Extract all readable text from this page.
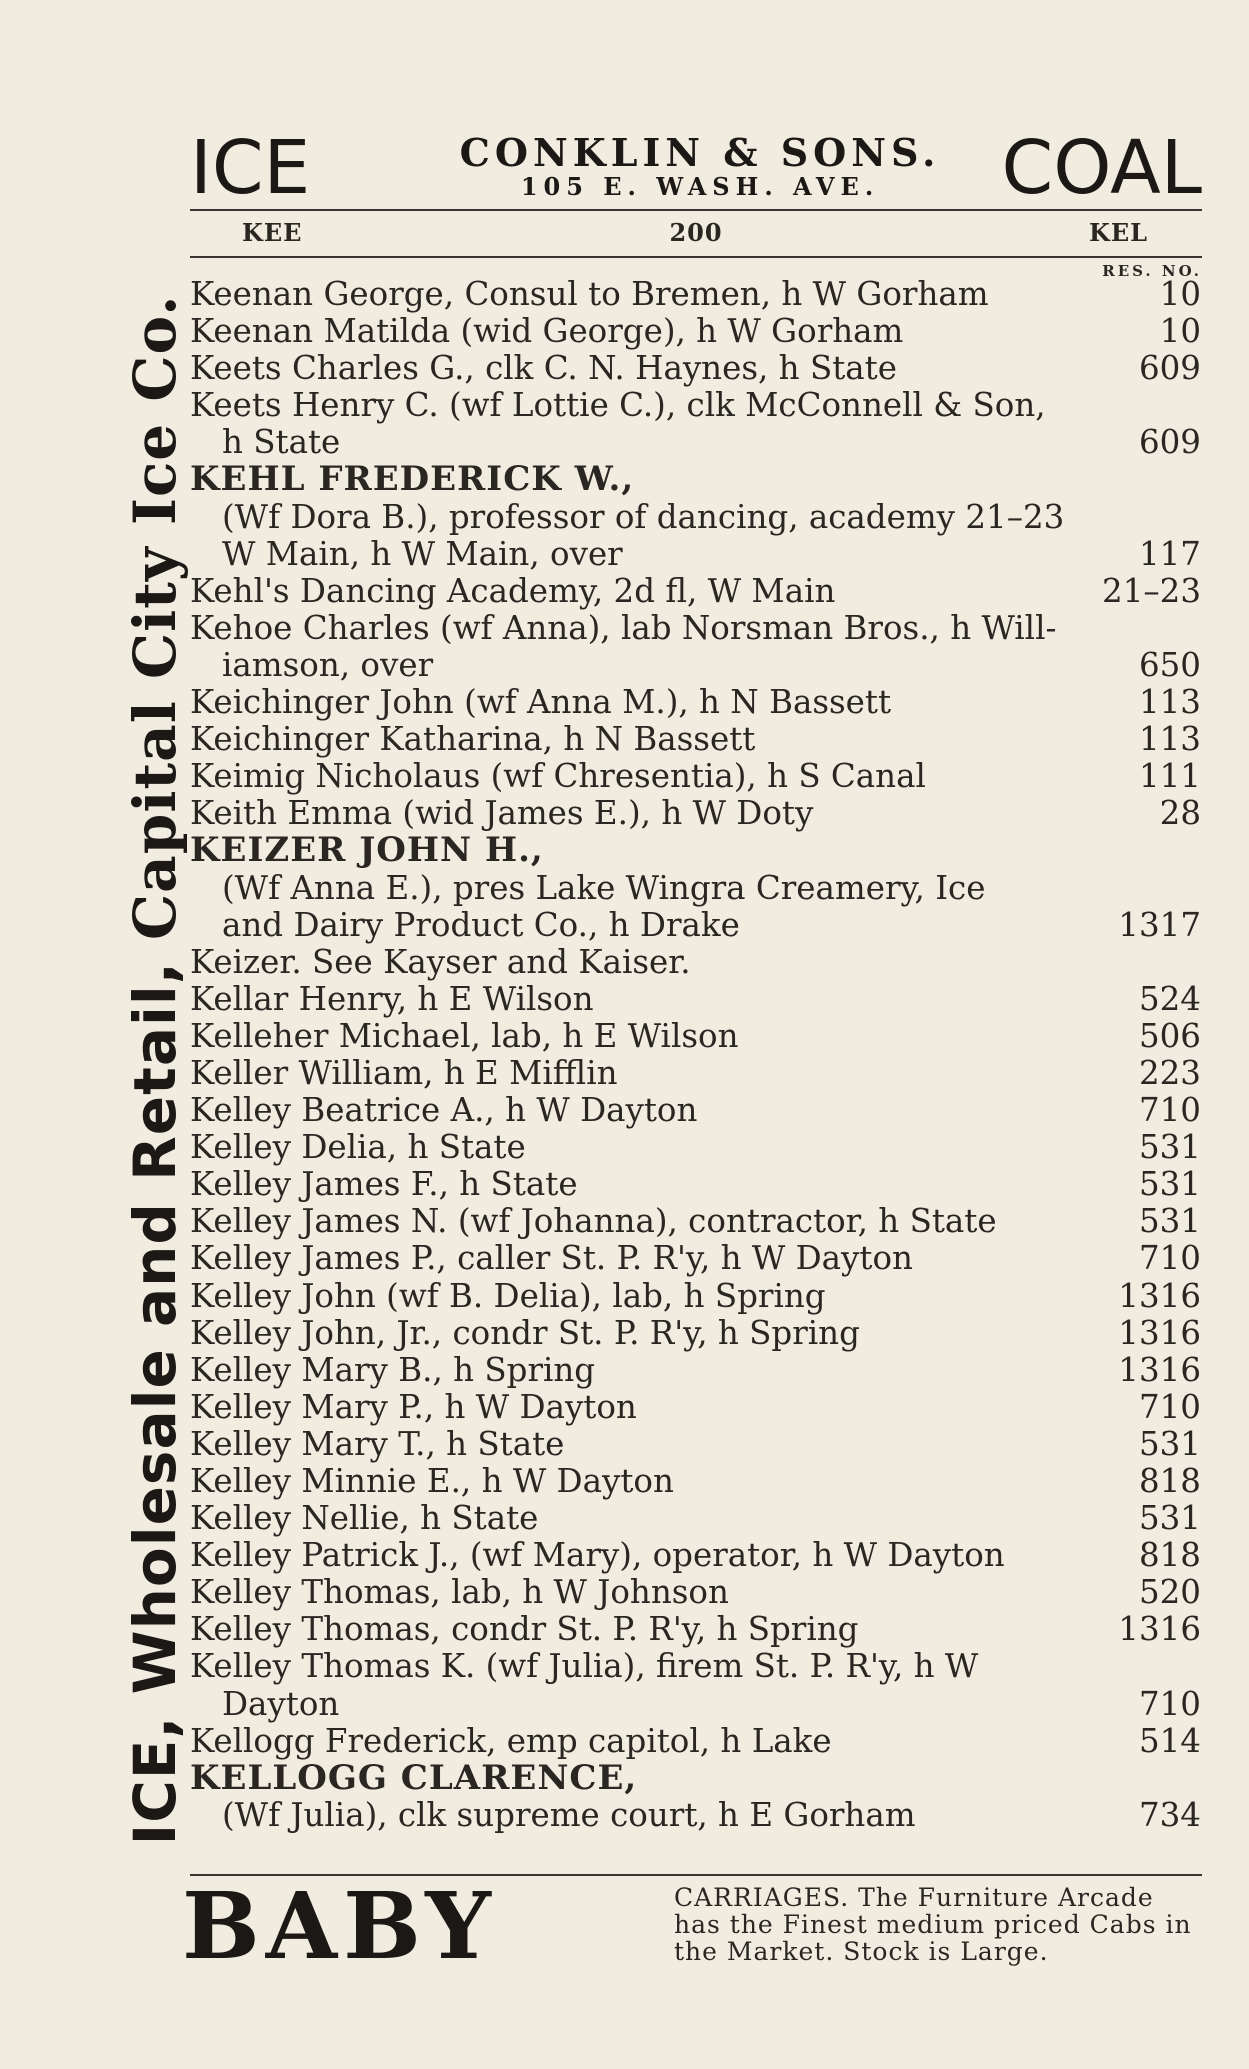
ICE, Wholesale and Retail,

Capital City Ice Co.
ICE	CONKLIN & SONS.
105 E. WASH. AVE.	COAL
KEE	200	KEL
RES. NO.
Keenan George, Consul to Bremen, h W Gorham	10
Keenan Matilda (wid George), h W Gorham	10
Keets Charles G., clk C. N. Haynes, h State	609
Keets Henry C. (wf Lottie C.), clk McConnell & Son,
h State	609
KEHL FREDERICK W.,
(Wf Dora B.), professor of dancing, academy 21–23
W Main, h W Main, over	117
Kehl's Dancing Academy, 2d fl, W Main	21–23
Kehoe Charles (wf Anna), lab Norsman Bros., h Will-
iamson, over	650
Keichinger John (wf Anna M.), h N Bassett	113
Keichinger Katharina, h N Bassett	113
Keimig Nicholaus (wf Chresentia), h S Canal	111
Keith Emma (wid James E.), h W Doty	28
KEIZER JOHN H.,
(Wf Anna E.), pres Lake Wingra Creamery, Ice
and Dairy Product Co., h Drake	1317
Keizer. See Kayser and Kaiser.
Kellar Henry, h E Wilson	524
Kelleher Michael, lab, h E Wilson	506
Keller William, h E Mifflin	223
Kelley Beatrice A., h W Dayton	710
Kelley Delia, h State	531
Kelley James F., h State	531
Kelley James N. (wf Johanna), contractor, h State	531
Kelley James P., caller St. P. R'y, h W Dayton	710
Kelley John (wf B. Delia), lab, h Spring	1316
Kelley John, Jr., condr St. P. R'y, h Spring	1316
Kelley Mary B., h Spring	1316
Kelley Mary P., h W Dayton	710
Kelley Mary T., h State	531
Kelley Minnie E., h W Dayton	818
Kelley Nellie, h State	531
Kelley Patrick J., (wf Mary), operator, h W Dayton	818
Kelley Thomas, lab, h W Johnson	520
Kelley Thomas, condr St. P. R'y, h Spring	1316
Kelley Thomas K. (wf Julia), firem St. P. R'y, h W
Dayton	710
Kellogg Frederick, emp capitol, h Lake	514
KELLOGG CLARENCE,
(Wf Julia), clk supreme court, h E Gorham	734
BABY	CARRIAGES. The Furniture Arcade
has the Finest medium priced Cabs in
the Market. Stock is Large.
